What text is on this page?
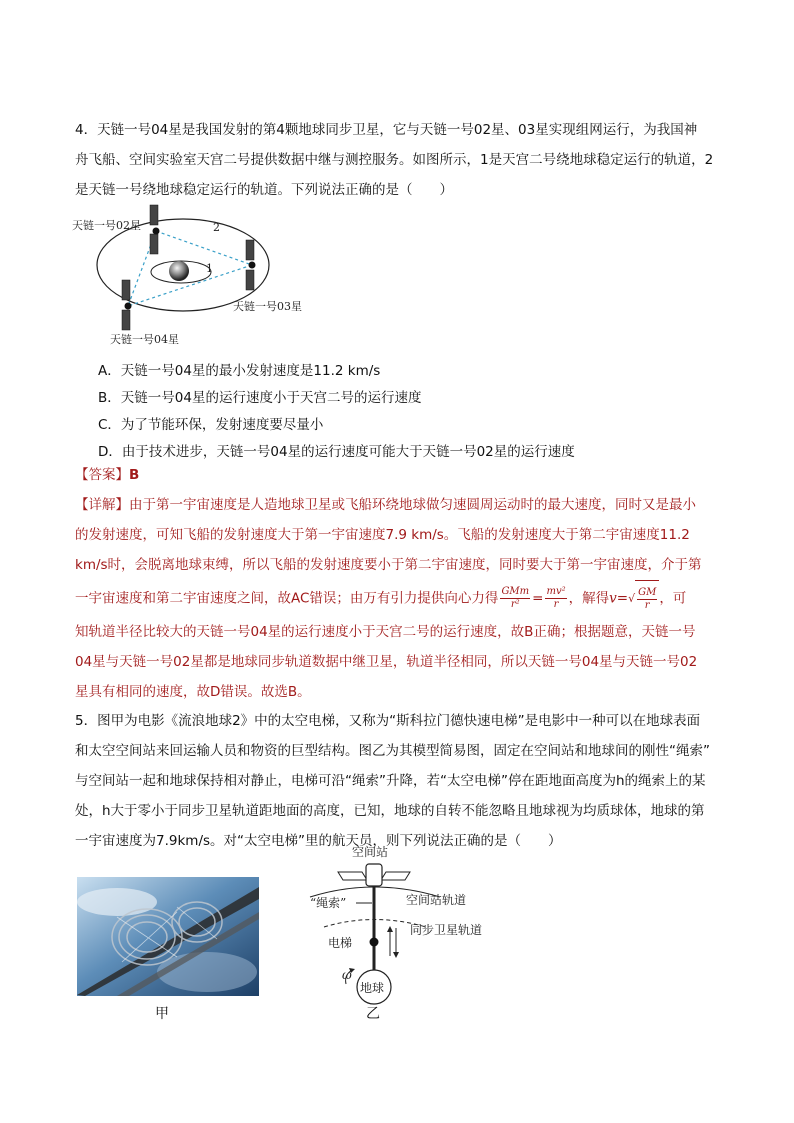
4．天链一号04星是我国发射的第4颗地球同步卫星，它与天链一号02星、03星实现组网运行，为我国神
舟飞船、空间实验室天宫二号提供数据中继与测控服务。如图所示，1是天宫二号绕地球稳定运行的轨道，2
是天链一号绕地球稳定运行的轨道。下列说法正确的是（　　）
天链一号02星
天链一号03星
天链一号04星
1
2
A．天链一号04星的最小发射速度是11.2 km/s
B．天链一号04星的运行速度小于天宫二号的运行速度
C．为了节能环保，发射速度要尽量小
D．由于技术进步，天链一号04星的运行速度可能大于天链一号02星的运行速度
【答案】B
【详解】由于第一宇宙速度是人造地球卫星或飞船环绕地球做匀速圆周运动时的最大速度，同时又是最小
的发射速度，可知飞船的发射速度大于第一宇宙速度7.9 km/s。飞船的发射速度大于第二宇宙速度11.2
km/s时，会脱离地球束缚，所以飞船的发射速度要小于第二宇宙速度，同时要大于第一宇宙速度，介于第
一宇宙速度和第二宇宙速度之间，故AC错误；由万有引力提供向心力得 $\frac{\text{GMm}}{\text{r²}} = \frac{\text{mv²}}{r}$ ，解得$v=√ \frac{GM}{r}$ ，可
知轨道半径比较大的天链一号04星的运行速度小于天宫二号的运行速度，故B正确；根据题意，天链一号
04星与天链一号02星都是地球同步轨道数据中继卫星，轨道半径相同，所以天链一号04星与天链一号02
星具有相同的速度，故D错误。故选B。
5．图甲为电影《流浪地球2》中的太空电梯，又称为“斯科拉门德快速电梯”是电影中一种可以在地球表面
和太空空间站来回运输人员和物资的巨型结构。图乙为其模型简易图，固定在空间站和地球间的刚性“绳索”
与空间站一起和地球保持相对静止，电梯可沿“绳索”升降，若“太空电梯”停在距地面高度为h的绳索上的某
处，h大于零小于同步卫星轨道距地面的高度，已知，地球的自转不能忽略且地球视为均质球体，地球的第
一宇宙速度为7.9km/s。对“太空电梯”里的航天员，则下列说法正确的是（　　）
甲
空间站
地球
ω
“绳索”	空间站轨道
电梯
同步卫星轨道
乙
